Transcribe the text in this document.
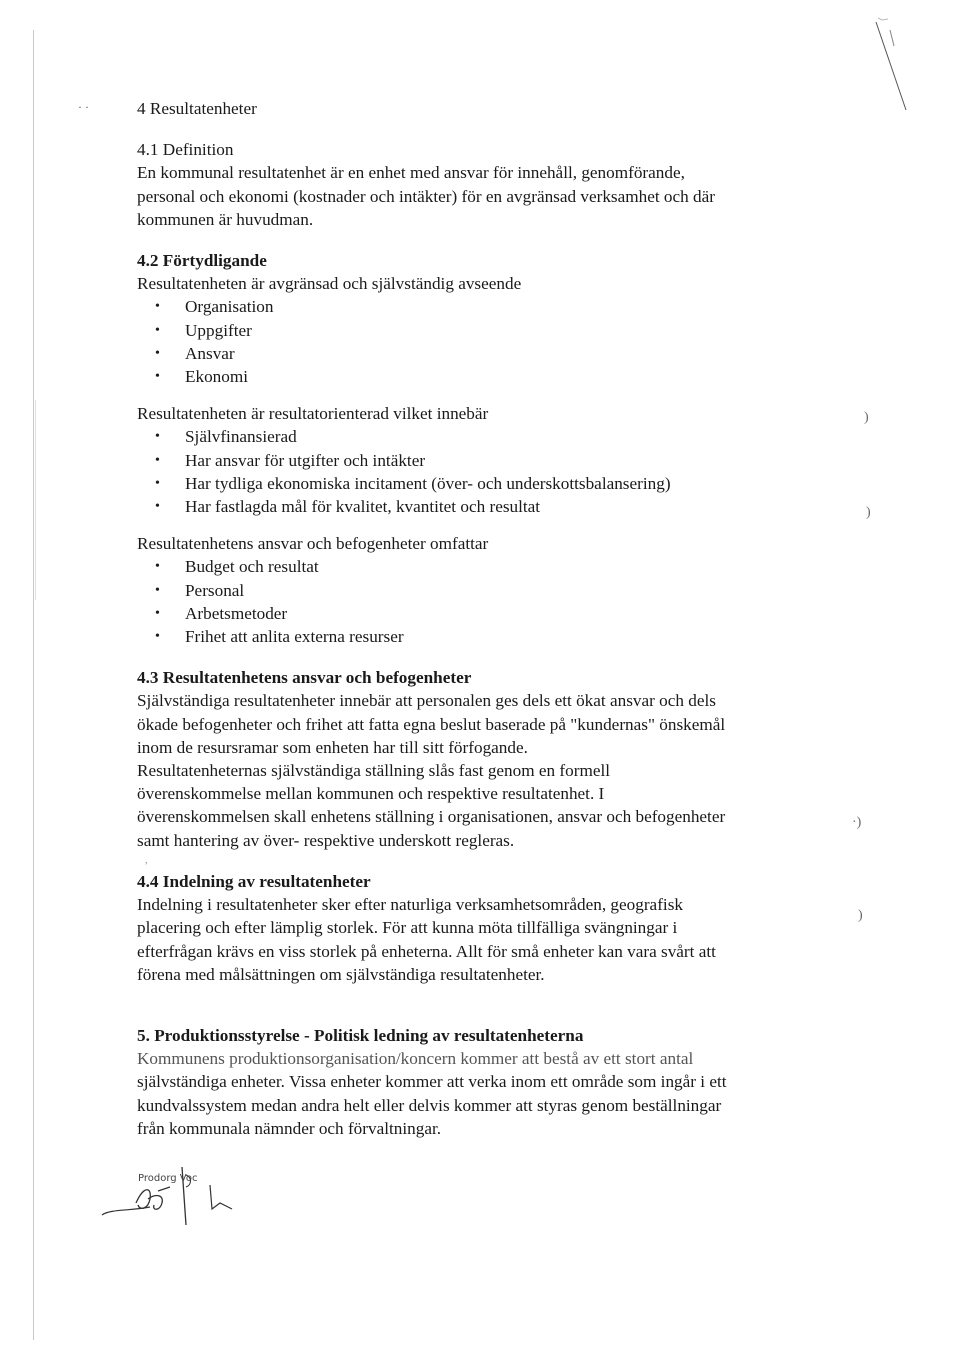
· ·	4 Resultatenheter
4.1 Definition

En kommunal resultatenhet är en enhet med ansvar för innehåll, genomförande,

personal och ekonomi (kostnader och intäkter) för en avgränsad verksamhet och där

kommunen är huvudman.

4.2 Förtydligande

Resultatenheten är avgränsad och självständig avseende

• Organisation
• Uppgifter
• Ansvar
• Ekonomi

Resultatenheten är resultatorienterad vilket innebär

• Självfinansierad
• Har ansvar för utgifter och intäkter
• Har tydliga ekonomiska incitament (över- och underskottsbalansering)
• Har fastlagda mål för kvalitet, kvantitet och resultat

Resultatenhetens ansvar och befogenheter omfattar

• Budget och resultat
• Personal
• Arbetsmetoder
• Frihet att anlita externa resurser
4.3 Resultatenhetens ansvar och befogenheter

Självständiga resultatenheter innebär att personalen ges dels ett ökat ansvar och dels

ökade befogenheter och frihet att fatta egna beslut baserade på "kundernas" önskemål

inom de resursramar som enheten har till sitt förfogande.

Resultatenheternas självständiga ställning slås fast genom en formell

överenskommelse mellan kommunen och respektive resultatenhet. I

överenskommelsen skall enhetens ställning i organisationen, ansvar och befogenheter

samt hantering av över- respektive underskott regleras.

4.4 Indelning av resultatenheter

Indelning i resultatenheter sker efter naturliga verksamhetsområden, geografisk

placering och efter lämplig storlek. För att kunna möta tillfälliga svängningar i

efterfrågan krävs en viss storlek på enheterna. Allt för små enheter kan vara svårt att

förena med målsättningen om självständiga resultatenheter.

5. Produktionsstyrelse - Politisk ledning av resultatenheterna

Kommunens produktionsorganisation/koncern kommer att bestå av ett stort antal

självständiga enheter. Vissa enheter kommer att verka inom ett område som ingår i ett

kundvalssystem medan andra helt eller delvis kommer att styras genom beställningar

från kommunala nämnder och förvaltningar.

)
)
·)
)
,
Prodorg Voc
